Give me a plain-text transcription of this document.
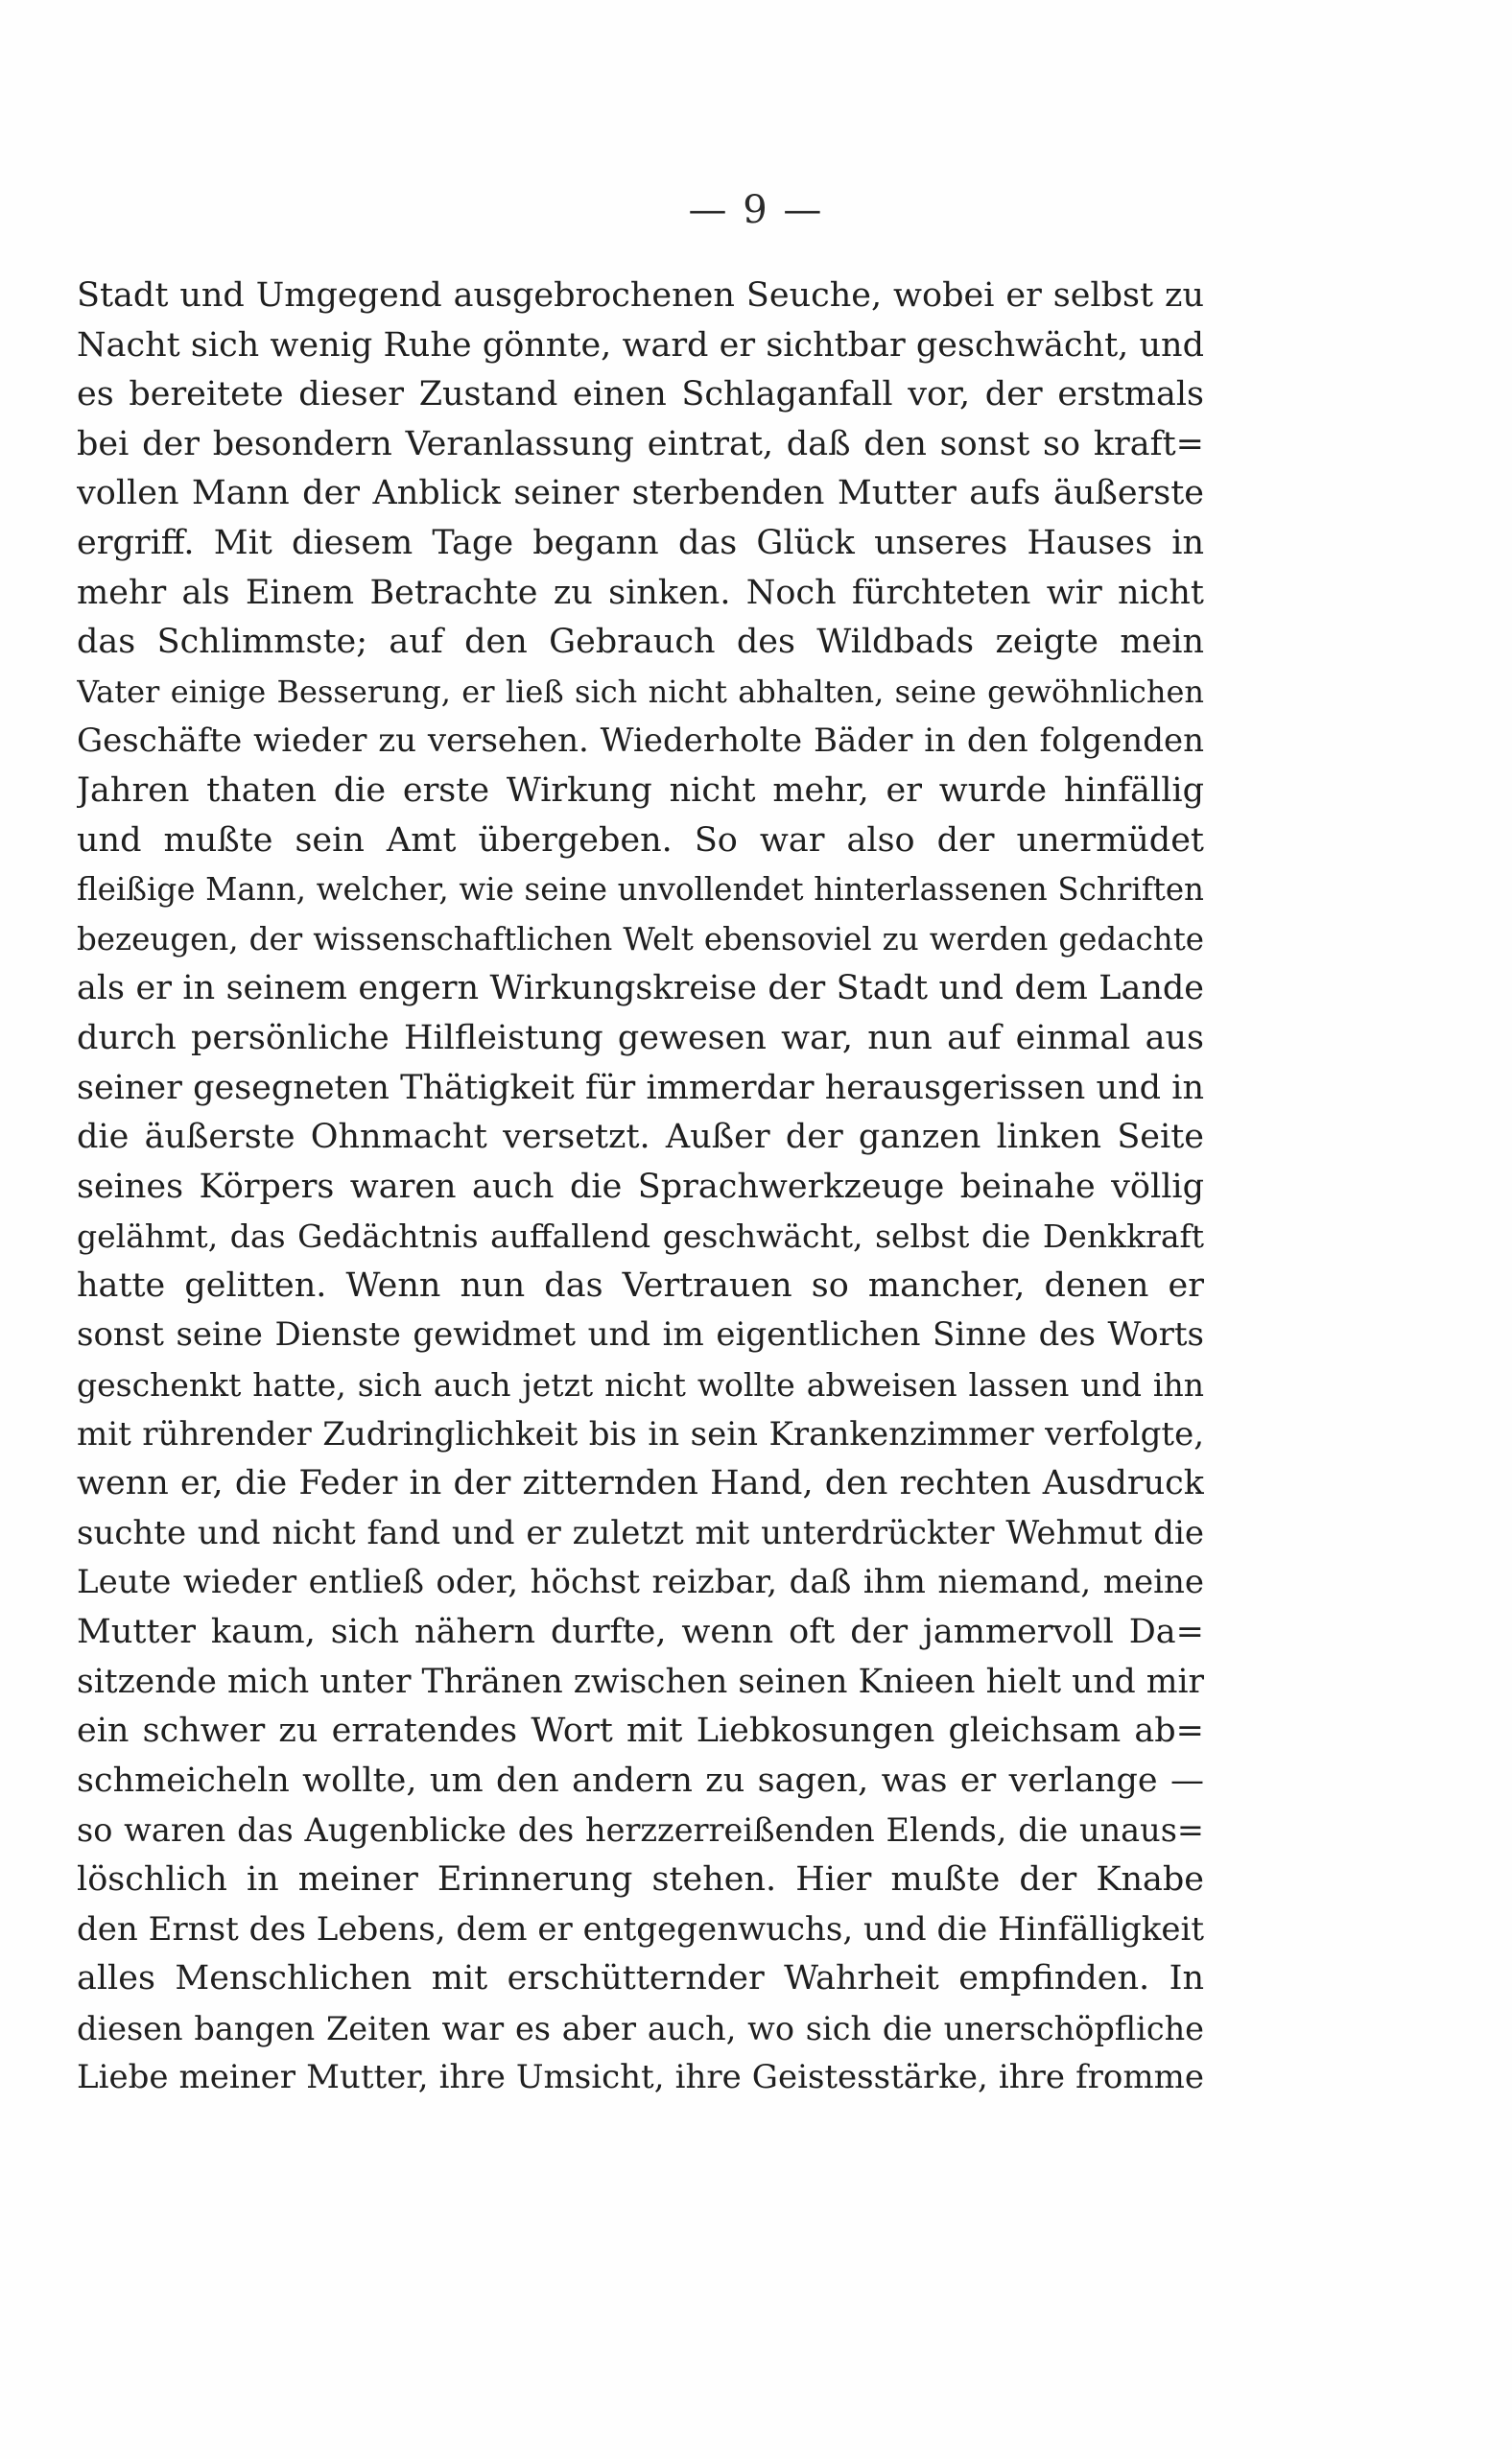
— 9 —
Stadt und Umgegend ausgebrochenen Seuche, wobei er selbst zu
Nacht sich wenig Ruhe gönnte, ward er sichtbar geschwächt, und
es bereitete dieser Zustand einen Schlaganfall vor, der erstmals
bei der besondern Veranlassung eintrat, daß den sonst so kraft=
vollen Mann der Anblick seiner sterbenden Mutter aufs äußerste
ergriff. Mit diesem Tage begann das Glück unseres Hauses in
mehr als Einem Betrachte zu sinken. Noch fürchteten wir nicht
das Schlimmste; auf den Gebrauch des Wildbads zeigte mein
Vater einige Besserung, er ließ sich nicht abhalten, seine gewöhnlichen
Geschäfte wieder zu versehen. Wiederholte Bäder in den folgenden
Jahren thaten die erste Wirkung nicht mehr, er wurde hinfällig
und mußte sein Amt übergeben. So war also der unermüdet
fleißige Mann, welcher, wie seine unvollendet hinterlassenen Schriften
bezeugen, der wissenschaftlichen Welt ebensoviel zu werden gedachte
als er in seinem engern Wirkungskreise der Stadt und dem Lande
durch persönliche Hilfleistung gewesen war, nun auf einmal aus
seiner gesegneten Thätigkeit für immerdar herausgerissen und in
die äußerste Ohnmacht versetzt. Außer der ganzen linken Seite
seines Körpers waren auch die Sprachwerkzeuge beinahe völlig
gelähmt, das Gedächtnis auffallend geschwächt, selbst die Denkkraft
hatte gelitten. Wenn nun das Vertrauen so mancher, denen er
sonst seine Dienste gewidmet und im eigentlichen Sinne des Worts
geschenkt hatte, sich auch jetzt nicht wollte abweisen lassen und ihn
mit rührender Zudringlichkeit bis in sein Krankenzimmer verfolgte,
wenn er, die Feder in der zitternden Hand, den rechten Ausdruck
suchte und nicht fand und er zuletzt mit unterdrückter Wehmut die
Leute wieder entließ oder, höchst reizbar, daß ihm niemand, meine
Mutter kaum, sich nähern durfte, wenn oft der jammervoll Da=
sitzende mich unter Thränen zwischen seinen Knieen hielt und mir
ein schwer zu erratendes Wort mit Liebkosungen gleichsam ab=
schmeicheln wollte, um den andern zu sagen, was er verlange —
so waren das Augenblicke des herzzerreißenden Elends, die unaus=
löschlich in meiner Erinnerung stehen. Hier mußte der Knabe
den Ernst des Lebens, dem er entgegenwuchs, und die Hinfälligkeit
alles Menschlichen mit erschütternder Wahrheit empfinden. In
diesen bangen Zeiten war es aber auch, wo sich die unerschöpfliche
Liebe meiner Mutter, ihre Umsicht, ihre Geistesstärke, ihre fromme
